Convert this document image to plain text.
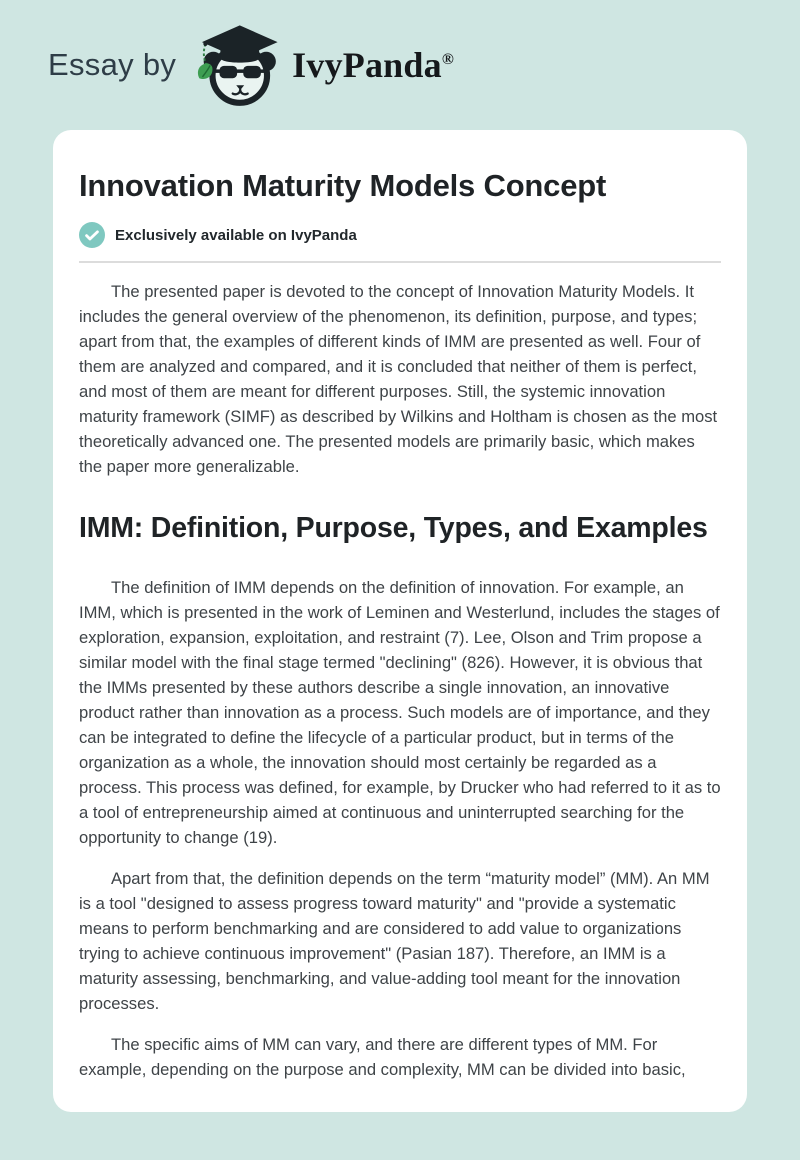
Essay by	IvyPanda®
Innovation Maturity Models Concept
Exclusively available on IvyPanda

The presented paper is devoted to the concept of Innovation Maturity Models. It includes the general overview of the phenomenon, its definition, purpose, and types; apart from that, the examples of different kinds of IMM are presented as well. Four of them are analyzed and compared, and it is concluded that neither of them is perfect, and most of them are meant for different purposes. Still, the systemic innovation maturity framework (SIMF) as described by Wilkins and Holtham is chosen as the most theoretically advanced one. The presented models are primarily basic, which makes the paper more generalizable.

IMM: Definition, Purpose, Types, and Examples

The definition of IMM depends on the definition of innovation. For example, an IMM, which is presented in the work of Leminen and Westerlund, includes the stages of exploration, expansion, exploitation, and restraint (7). Lee, Olson and Trim propose a similar model with the final stage termed "declining" (826). However, it is obvious that the IMMs presented by these authors describe a single innovation, an innovative product rather than innovation as a process. Such models are of importance, and they can be integrated to define the lifecycle of a particular product, but in terms of the organization as a whole, the innovation should most certainly be regarded as a process. This process was defined, for example, by Drucker who had referred to it as to a tool of entrepreneurship aimed at continuous and uninterrupted searching for the opportunity to change (19).

Apart from that, the definition depends on the term “maturity model” (MM). An MM is a tool "designed to assess progress toward maturity" and "provide a systematic means to perform benchmarking and are considered to add value to organizations trying to achieve continuous improvement" (Pasian 187). Therefore, an IMM is a maturity assessing, benchmarking, and value-adding tool meant for the innovation processes.

The specific aims of MM can vary, and there are different types of MM. For example, depending on the purpose and complexity, MM can be divided into basic,
